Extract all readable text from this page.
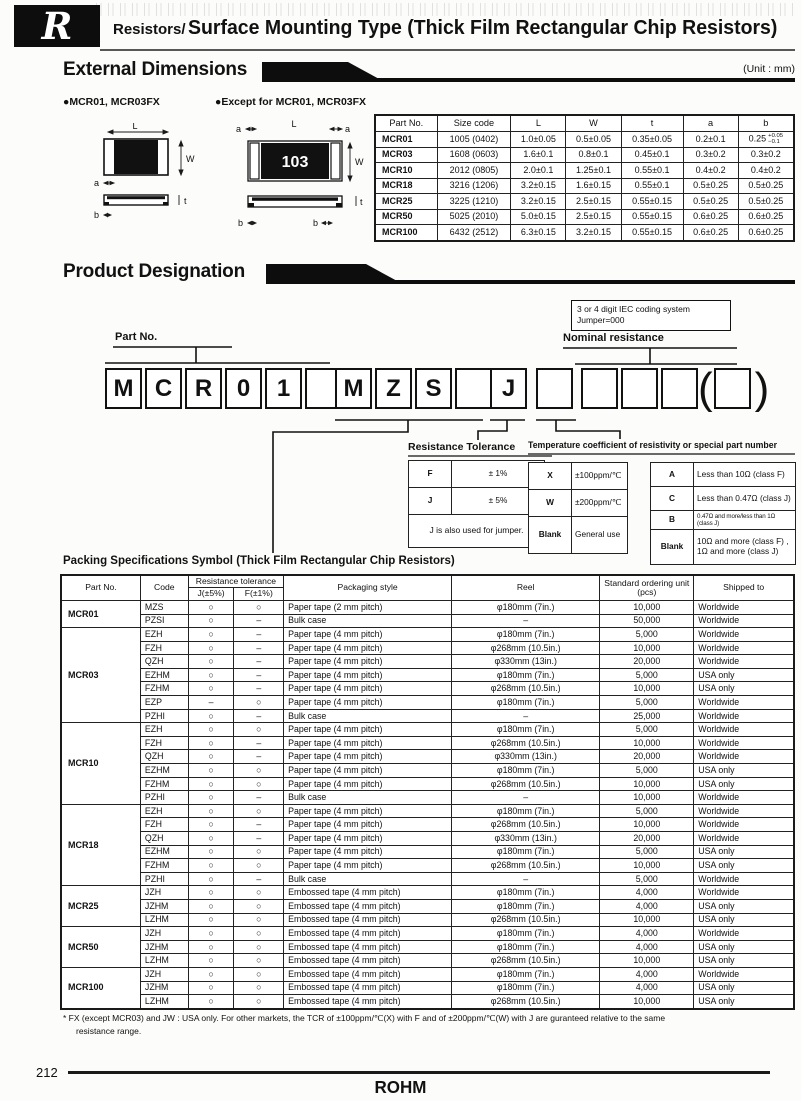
R	Resistors/ Surface Mounting Type (Thick Film Rectangular Chip Resistors)
External Dimensions	(Unit : mm)
●MCR01, MCR03FX	●Except for MCR01, MCR03FX
L
W
a
t
b
103
a	a
L
W
t
b	b
Part No.	Size code	L	W	t	a	b
MCR01	1005 (0402)	1.0±0.05	0.5±0.05	0.35±0.05	0.2±0.1	0.25 +0.05
−0.1

MCR03	1608 (0603)	1.6±0.1	0.8±0.1	0.45±0.1	0.3±0.2	0.3±0.2
MCR10	2012 (0805)	2.0±0.1	1.25±0.1	0.55±0.1	0.4±0.2	0.4±0.2
MCR18	3216 (1206)	3.2±0.15	1.6±0.15	0.55±0.1	0.5±0.25	0.5±0.25
MCR25	3225 (1210)	3.2±0.15	2.5±0.15	0.55±0.15	0.5±0.25	0.5±0.25
MCR50	5025 (2010)	5.0±0.15	2.5±0.15	0.55±0.15	0.6±0.25	0.6±0.25
MCR100	6432 (2512)	6.3±0.15	3.2±0.15	0.55±0.15	0.6±0.25	0.6±0.25
Product Designation
3 or 4 digit IEC coding system
Jumper=000
Part No.	Nominal resistance
M C R	0	1	M Z	S	J	( )
Resistance Tolerance Temperature coefficient of resistivity or special part number
F	± 1%
J	± 5%
J is also used for jumper.	
X	±100ppm/℃
W	±200ppm/℃
Blank	General use
A	Less than 10Ω (class F)
C	Less than 0.47Ω (class J)
B	0.47Ω and more/less than 1Ω (class J)
Blank	10Ω and more (class F) , 1Ω and more (class J)
Packing Specifications Symbol (Thick Film Rectangular Chip Resistors)
Part No.	Code	Resistance tolerance		Packaging style	Reel	Standard ordering unit (pcs)	Shipped to
		J(±5%)	F(±1%)				
MCR01	MZS	○	○	Paper tape (2 mm pitch)	φ180mm (7in.)	10,000	Worldwide
	PZSI	○	–	Bulk case	–	50,000	Worldwide
MCR03	EZH	○	–	Paper tape (4 mm pitch)	φ180mm (7in.)	5,000	Worldwide
	FZH	○	–	Paper tape (4 mm pitch)	φ268mm (10.5in.)	10,000	Worldwide
	QZH	○	–	Paper tape (4 mm pitch)	φ330mm (13in.)	20,000	Worldwide
	EZHM	○	–	Paper tape (4 mm pitch)	φ180mm (7in.)	5,000	USA only
	FZHM	○	–	Paper tape (4 mm pitch)	φ268mm (10.5in.)	10,000	USA only
	EZP	–	○	Paper tape (4 mm pitch)	φ180mm (7in.)	5,000	Worldwide
	PZHI	○	–	Bulk case	–	25,000	Worldwide
MCR10	EZH	○	○	Paper tape (4 mm pitch)	φ180mm (7in.)	5,000	Worldwide
	FZH	○	–	Paper tape (4 mm pitch)	φ268mm (10.5in.)	10,000	Worldwide
	QZH	○	–	Paper tape (4 mm pitch)	φ330mm (13in.)	20,000	Worldwide
	EZHM	○	○	Paper tape (4 mm pitch)	φ180mm (7in.)	5,000	USA only
	FZHM	○	○	Paper tape (4 mm pitch)	φ268mm (10.5in.)	10,000	USA only
	PZHI	○	–	Bulk case	–	10,000	Worldwide
MCR18	EZH	○	○	Paper tape (4 mm pitch)	φ180mm (7in.)	5,000	Worldwide
	FZH	○	–	Paper tape (4 mm pitch)	φ268mm (10.5in.)	10,000	Worldwide
	QZH	○	–	Paper tape (4 mm pitch)	φ330mm (13in.)	20,000	Worldwide
	EZHM	○	○	Paper tape (4 mm pitch)	φ180mm (7in.)	5,000	USA only
	FZHM	○	○	Paper tape (4 mm pitch)	φ268mm (10.5in.)	10,000	USA only
	PZHI	○	–	Bulk case	–	5,000	Worldwide
MCR25	JZH	○	○	Embossed tape (4 mm pitch)	φ180mm (7in.)	4,000	Worldwide
	JZHM	○	○	Embossed tape (4 mm pitch)	φ180mm (7in.)	4,000	USA only
	LZHM	○	○	Embossed tape (4 mm pitch)	φ268mm (10.5in.)	10,000	USA only
MCR50	JZH	○	○	Embossed tape (4 mm pitch)	φ180mm (7in.)	4,000	Worldwide
	JZHM	○	○	Embossed tape (4 mm pitch)	φ180mm (7in.)	4,000	USA only
	LZHM	○	○	Embossed tape (4 mm pitch)	φ268mm (10.5in.)	10,000	USA only
MCR100	JZH	○	○	Embossed tape (4 mm pitch)	φ180mm (7in.)	4,000	Worldwide
	JZHM	○	○	Embossed tape (4 mm pitch)	φ180mm (7in.)	4,000	USA only
	LZHM	○	○	Embossed tape (4 mm pitch)	φ268mm (10.5in.)	10,000	USA only
* FX (except MCR03) and JW : USA only. For other markets, the TCR of ±100ppm/℃(X) with F and of ±200ppm/℃(W) with J are guranteed relative to the same
resistance range.
212
ROHM
